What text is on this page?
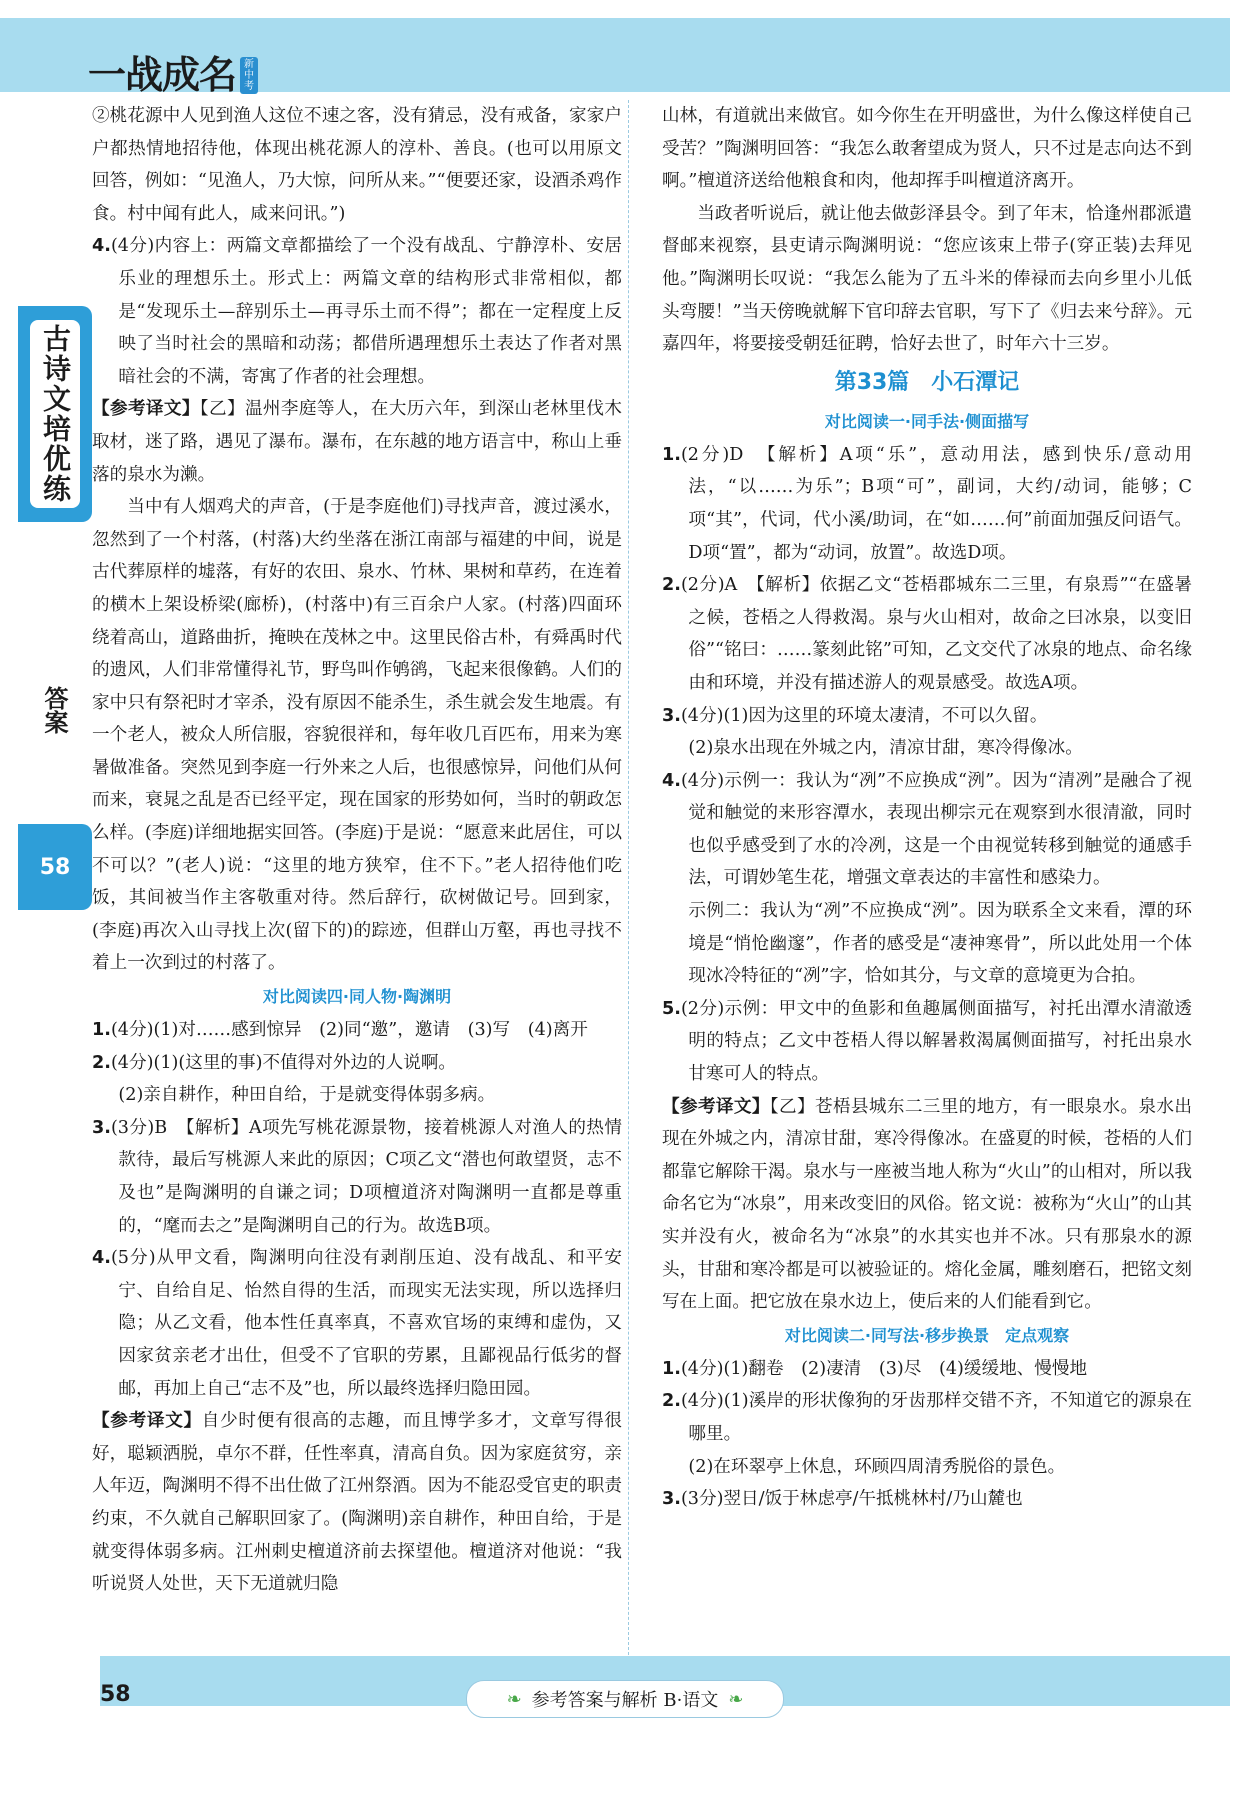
一战成名 新中考
古诗文培优练
答案
58

②桃花源中人见到渔人这位不速之客，没有猜忌，没有戒备，家家户户都热情地招待他，体现出桃花源人的淳朴、善良。(也可以用原文回答，例如：“见渔人，乃大惊，问所从来。”“便要还家，设酒杀鸡作食。村中闻有此人，咸来问讯。”)

4.(4分)内容上：两篇文章都描绘了一个没有战乱、宁静淳朴、安居乐业的理想乐土。形式上：两篇文章的结构形式非常相似，都是“发现乐土—辞别乐土—再寻乐土而不得”；都在一定程度上反映了当时社会的黑暗和动荡；都借所遇理想乐土表达了作者对黑暗社会的不满，寄寓了作者的社会理想。

【参考译文】【乙】温州李庭等人，在大历六年，到深山老林里伐木取材，迷了路，遇见了瀑布。瀑布，在东越的地方语言中，称山上垂落的泉水为濑。

当中有人烟鸡犬的声音，(于是李庭他们)寻找声音，渡过溪水，忽然到了一个村落，(村落)大约坐落在浙江南部与福建的中间，说是古代葬原样的墟落，有好的农田、泉水、竹林、果树和草药，在连着的横木上架设桥梁(廊桥)，(村落中)有三百余户人家。(村落)四面环绕着高山，道路曲折，掩映在茂林之中。这里民俗古朴，有舜禹时代的遗风，人们非常懂得礼节，野鸟叫作鸲鹆，飞起来很像鹤。人们的家中只有祭祀时才宰杀，没有原因不能杀生，杀生就会发生地震。有一个老人，被众人所信服，容貌很祥和，每年收几百匹布，用来为寒暑做准备。突然见到李庭一行外来之人后，也很感惊异，问他们从何而来，衰晁之乱是否已经平定，现在国家的形势如何，当时的朝政怎么样。(李庭)详细地据实回答。(李庭)于是说：“愿意来此居住，可以不可以？”(老人)说：“这里的地方狭窄，住不下。”老人招待他们吃饭，其间被当作主客敬重对待。然后辞行，砍树做记号。回到家，(李庭)再次入山寻找上次(留下的)的踪迹，但群山万壑，再也寻找不着上一次到过的村落了。

对比阅读四·同人物·陶渊明

1.(4分)(1)对……感到惊异　(2)同“邀”，邀请　(3)写　(4)离开

2.(4分)(1)(这里的事)不值得对外边的人说啊。

(2)亲自耕作，种田自给，于是就变得体弱多病。

3.(3分)B　【解析】A项先写桃花源景物，接着桃源人对渔人的热情款待，最后写桃源人来此的原因；C项乙文“潜也何敢望贤，志不及也”是陶渊明的自谦之词；D项檀道济对陶渊明一直都是尊重的，“麾而去之”是陶渊明自己的行为。故选B项。

4.(5分)从甲文看，陶渊明向往没有剥削压迫、没有战乱、和平安宁、自给自足、怡然自得的生活，而现实无法实现，所以选择归隐；从乙文看，他本性任真率真，不喜欢官场的束缚和虚伪，又因家贫亲老才出仕，但受不了官职的劳累，且鄙视品行低劣的督邮，再加上自己“志不及”也，所以最终选择归隐田园。

【参考译文】自少时便有很高的志趣，而且博学多才，文章写得很好，聪颖洒脱，卓尔不群，任性率真，清高自负。因为家庭贫穷，亲人年迈，陶渊明不得不出仕做了江州祭酒。因为不能忍受官吏的职责约束，不久就自己解职回家了。(陶渊明)亲自耕作，种田自给，于是就变得体弱多病。江州刺史檀道济前去探望他。檀道济对他说：“我听说贤人处世，天下无道就归隐

山林，有道就出来做官。如今你生在开明盛世，为什么像这样使自己受苦？”陶渊明回答：“我怎么敢奢望成为贤人，只不过是志向达不到啊。”檀道济送给他粮食和肉，他却挥手叫檀道济离开。

当政者听说后，就让他去做彭泽县令。到了年末，恰逢州郡派遣督邮来视察，县吏请示陶渊明说：“您应该束上带子(穿正装)去拜见他。”陶渊明长叹说：“我怎么能为了五斗米的俸禄而去向乡里小儿低头弯腰！”当天傍晚就解下官印辞去官职，写下了《归去来兮辞》。元嘉四年，将要接受朝廷征聘，恰好去世了，时年六十三岁。

第33篇　小石潭记

对比阅读一·同手法·侧面描写

1.(2分)D　【解析】A项“乐”，意动用法，感到快乐/意动用法，“以……为乐”；B项“可”，副词，大约/动词，能够；C项“其”，代词，代小溪/助词，在“如……何”前面加强反问语气。D项“置”，都为“动词，放置”。故选D项。

2.(2分)A　【解析】依据乙文“苍梧郡城东二三里，有泉焉”“在盛暑之候，苍梧之人得救渴。泉与火山相对，故命之曰冰泉，以变旧俗”“铭曰：……篆刻此铭”可知，乙文交代了冰泉的地点、命名缘由和环境，并没有描述游人的观景感受。故选A项。

3.(4分)(1)因为这里的环境太凄清，不可以久留。

(2)泉水出现在外城之内，清凉甘甜，寒冷得像冰。

4.(4分)示例一：我认为“冽”不应换成“洌”。因为“清冽”是融合了视觉和触觉的来形容潭水，表现出柳宗元在观察到水很清澈，同时也似乎感受到了水的冷冽，这是一个由视觉转移到触觉的通感手法，可谓妙笔生花，增强文章表达的丰富性和感染力。

示例二：我认为“冽”不应换成“洌”。因为联系全文来看，潭的环境是“悄怆幽邃”，作者的感受是“凄神寒骨”，所以此处用一个体现冰冷特征的“冽”字，恰如其分，与文章的意境更为合拍。

5.(2分)示例：甲文中的鱼影和鱼趣属侧面描写，衬托出潭水清澈透明的特点；乙文中苍梧人得以解暑救渴属侧面描写，衬托出泉水甘寒可人的特点。

【参考译文】【乙】苍梧县城东二三里的地方，有一眼泉水。泉水出现在外城之内，清凉甘甜，寒冷得像冰。在盛夏的时候，苍梧的人们都靠它解除干渴。泉水与一座被当地人称为“火山”的山相对，所以我命名它为“冰泉”，用来改变旧的风俗。铭文说：被称为“火山”的山其实并没有火，被命名为“冰泉”的水其实也并不冰。只有那泉水的源头，甘甜和寒冷都是可以被验证的。熔化金属，雕刻磨石，把铭文刻写在上面。把它放在泉水边上，使后来的人们能看到它。

对比阅读二·同写法·移步换景　定点观察

1.(4分)(1)翻卷　(2)凄清　(3)尽　(4)缓缓地、慢慢地

2.(4分)(1)溪岸的形状像狗的牙齿那样交错不齐，不知道它的源泉在哪里。

(2)在环翠亭上休息，环顾四周清秀脱俗的景色。

3.(3分)翌日/饭于林虑亭/午抵桃林村/乃山麓也

58	❧ 参考答案与解析 B·语文 ❧
